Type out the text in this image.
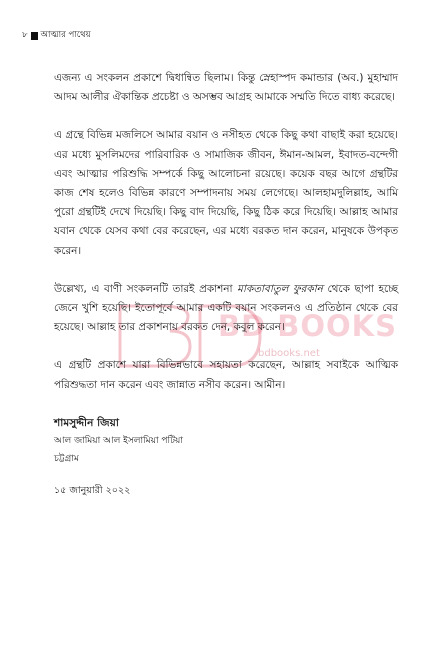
৮ আত্মার পাথেয়
BD BOOKS
bdbooks.net

এজন্য এ সংকলন প্রকাশে দ্বিধান্বিত ছিলাম। কিন্তু স্নেহাস্পদ কমান্ডার (অব.) মুহাম্মাদ আদম আলীর ঐকান্তিক প্রচেষ্টা ও অসম্ভব আগ্রহ আমাকে সম্মতি দিতে বাধ্য করেছে।

এ গ্রন্থে বিভিন্ন মজলিসে আমার বয়ান ও নসীহত থেকে কিছু কথা বাছাই করা হয়েছে। এর মধ্যে মুসলিমদের পারিবারিক ও সামাজিক জীবন, ঈমান-আমল, ইবাদত-বন্দেগী এবং আত্মার পরিশুদ্ধি সম্পর্কে কিছু আলোচনা রয়েছে। কয়েক বছর আগে গ্রন্থটির কাজ শেষ হলেও বিভিন্ন কারণে সম্পাদনায় সময় লেগেছে। আলহামদুলিল্লাহ, আমি পুরো গ্রন্থটিই দেখে দিয়েছি। কিছু বাদ দিয়েছি, কিছু ঠিক করে দিয়েছি। আল্লাহ আমার যবান থেকে যেসব কথা বের করেছেন, এর মধ্যে বরকত দান করেন, মানুষকে উপকৃত করেন।

উল্লেখ্য, এ বাণী সংকলনটি তারই প্রকাশনা মাকতাবাতুল ফুরকান থেকে ছাপা হচ্ছে জেনে খুশি হয়েছি। ইতোপূর্বে আমার একটি বয়ান সংকলনও এ প্রতিষ্ঠান থেকে বের হয়েছে। আল্লাহ তার প্রকাশনায় বরকত দেন, কবুল করেন।

এ গ্রন্থটি প্রকাশে যারা বিভিন্নভাবে সহায়তা করেছেন, আল্লাহ সবাইকে আত্মিক পরিশুদ্ধতা দান করেন এবং জান্নাত নসীব করেন। আমীন।

শামসুদ্দীন জিয়া

আল জামিয়া আল ইসলামিয়া পটিয়া

চট্টগ্রাম

১৫ জানুয়ারী ২০২২
